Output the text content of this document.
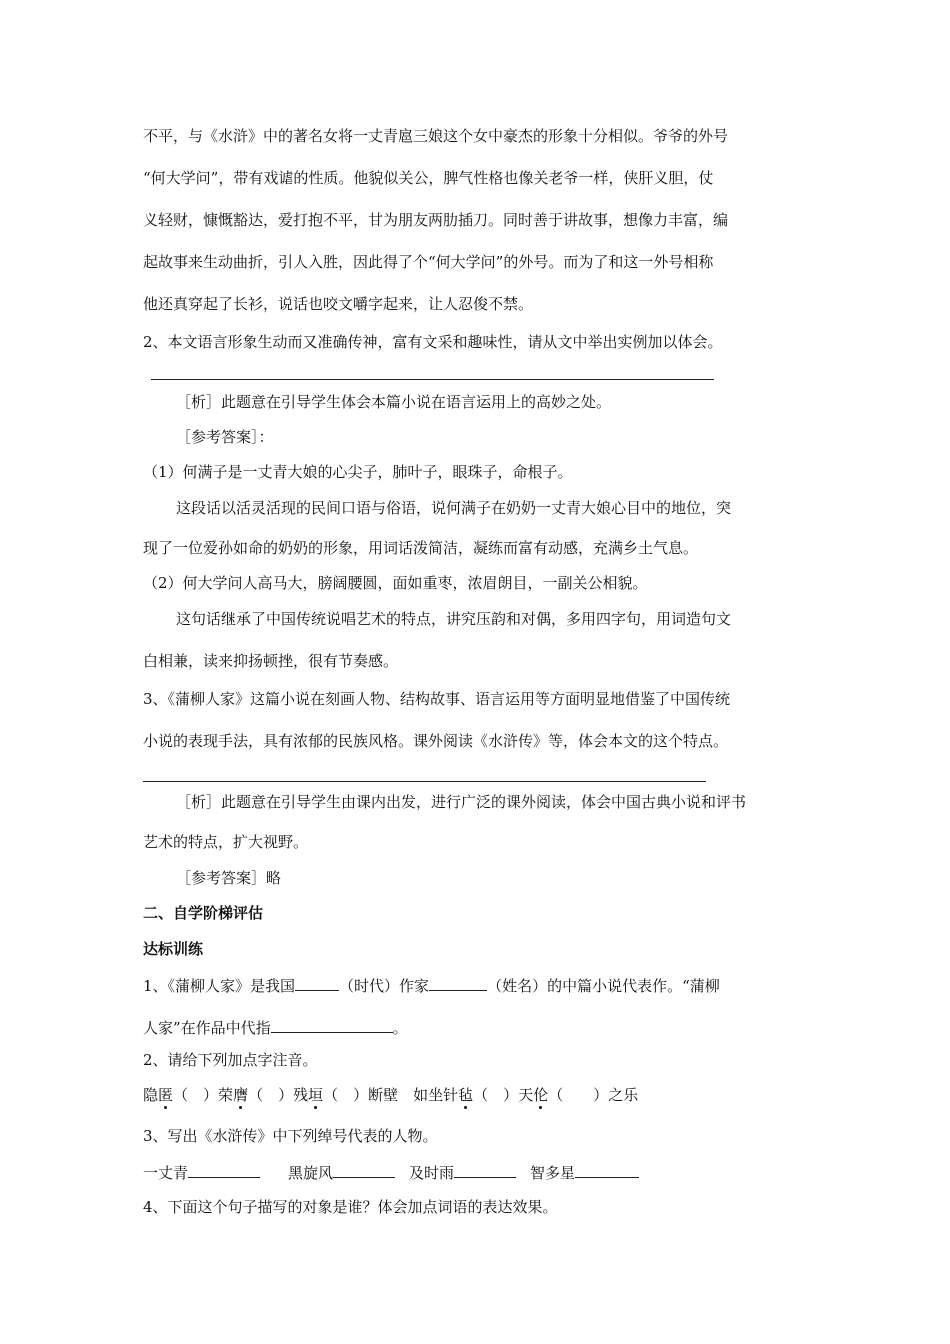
不平，与《水浒》中的著名女将一丈青扈三娘这个女中豪杰的形象十分相似。爷爷的外号
“何大学问”，带有戏谑的性质。他貌似关公，脾气性格也像关老爷一样，侠肝义胆，仗
义轻财，慷慨豁达，爱打抱不平，甘为朋友两肋插刀。同时善于讲故事，想像力丰富，编
起故事来生动曲折，引人入胜，因此得了个“何大学问”的外号。而为了和这一外号相称
他还真穿起了长衫，说话也咬文嚼字起来，让人忍俊不禁。
2、本文语言形象生动而又准确传神，富有文采和趣味性，请从文中举出实例加以体会。
［析］此题意在引导学生体会本篇小说在语言运用上的高妙之处。
［参考答案］：
（1）何满子是一丈青大娘的心尖子，肺叶子，眼珠子，命根子。
这段话以活灵活现的民间口语与俗语，说何满子在奶奶一丈青大娘心目中的地位，突
现了一位爱孙如命的奶奶的形象，用词话泼简洁，凝练而富有动感，充满乡土气息。
（2）何大学问人高马大，膀阔腰圆，面如重枣，浓眉朗目，一副关公相貌。
这句话继承了中国传统说唱艺术的特点，讲究压韵和对偶，多用四字句，用词造句文
白相兼，读来抑扬顿挫，很有节奏感。
3、《蒲柳人家》这篇小说在刻画人物、结构故事、语言运用等方面明显地借鉴了中国传统
小说的表现手法，具有浓郁的民族风格。课外阅读《水浒传》等，体会本文的这个特点。
［析］此题意在引导学生由课内出发，进行广泛的课外阅读，体会中国古典小说和评书
艺术的特点，扩大视野。
［参考答案］略
二、自学阶梯评估
达标训练
1、《蒲柳人家》是我国	（时代）作家	（姓名）的中篇小说代表作。“蒲柳
人家”在作品中代指	。
2、请给下列加点字注音。
隐匿（　）荣膺（　）残垣（　）断壁　如坐针毡（　）天伦（　　）之乐
3、写出《水浒传》中下列绰号代表的人物。
一丈青	黑旋风	及时雨	智多星
4、下面这个句子描写的对象是谁？体会加点词语的表达效果。
